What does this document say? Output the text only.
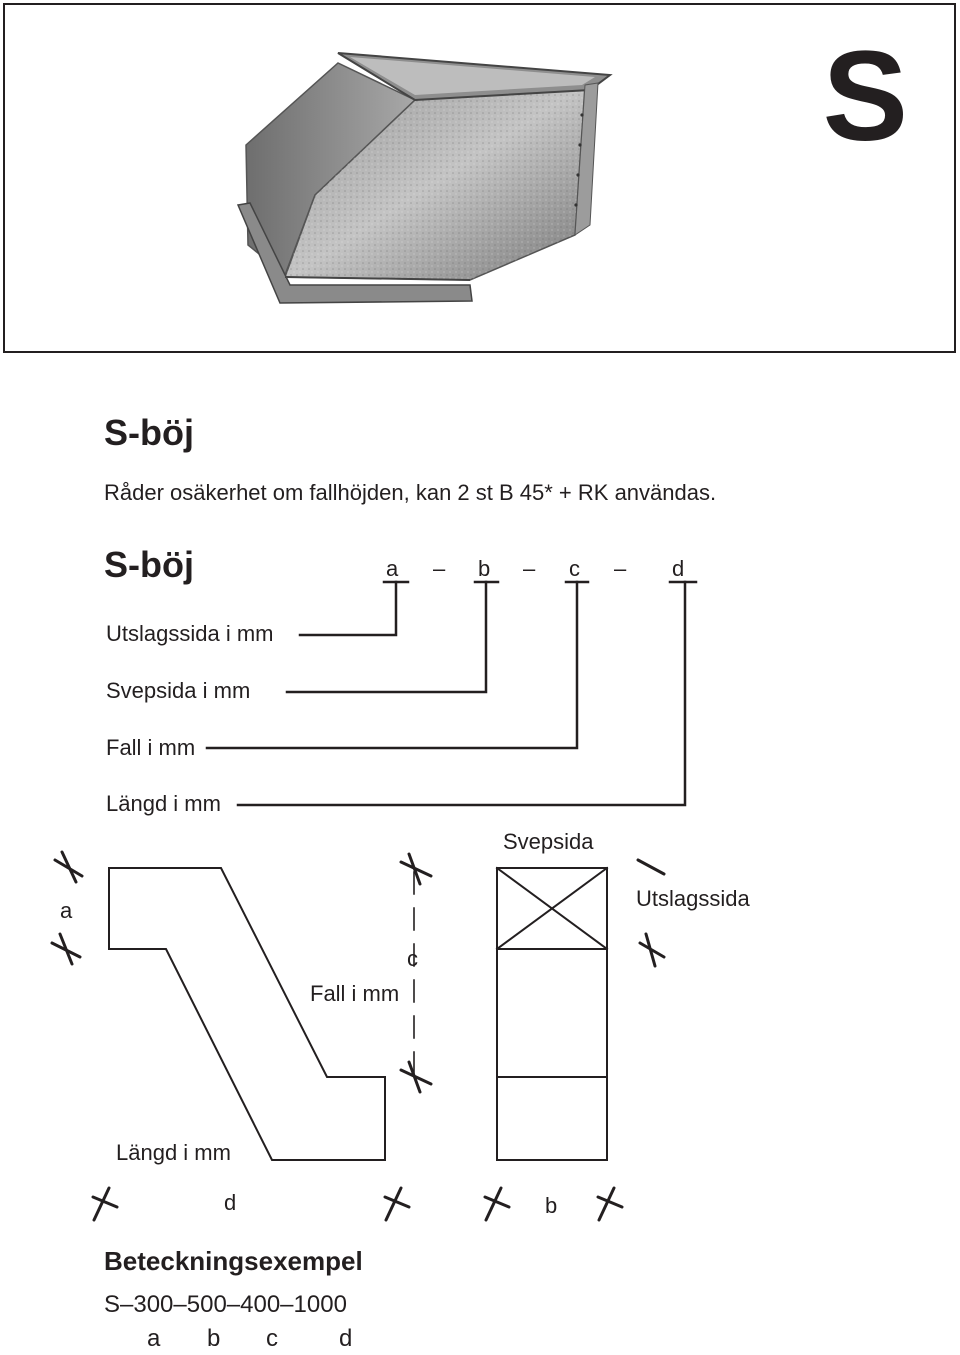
S
S-böj
Råder osäkerhet om fallhöjden, kan 2 st B 45* + RK användas.
S-böj	a – b – c – d
Utslagssida i mm
Svepsida i mm
Fall i mm
Längd i mm
a
c
Fall i mm
Svepsida
Utslagssida
Längd i mm
d	b
Beteckningsexempel
S–300–500–400–1000
a b c	d
